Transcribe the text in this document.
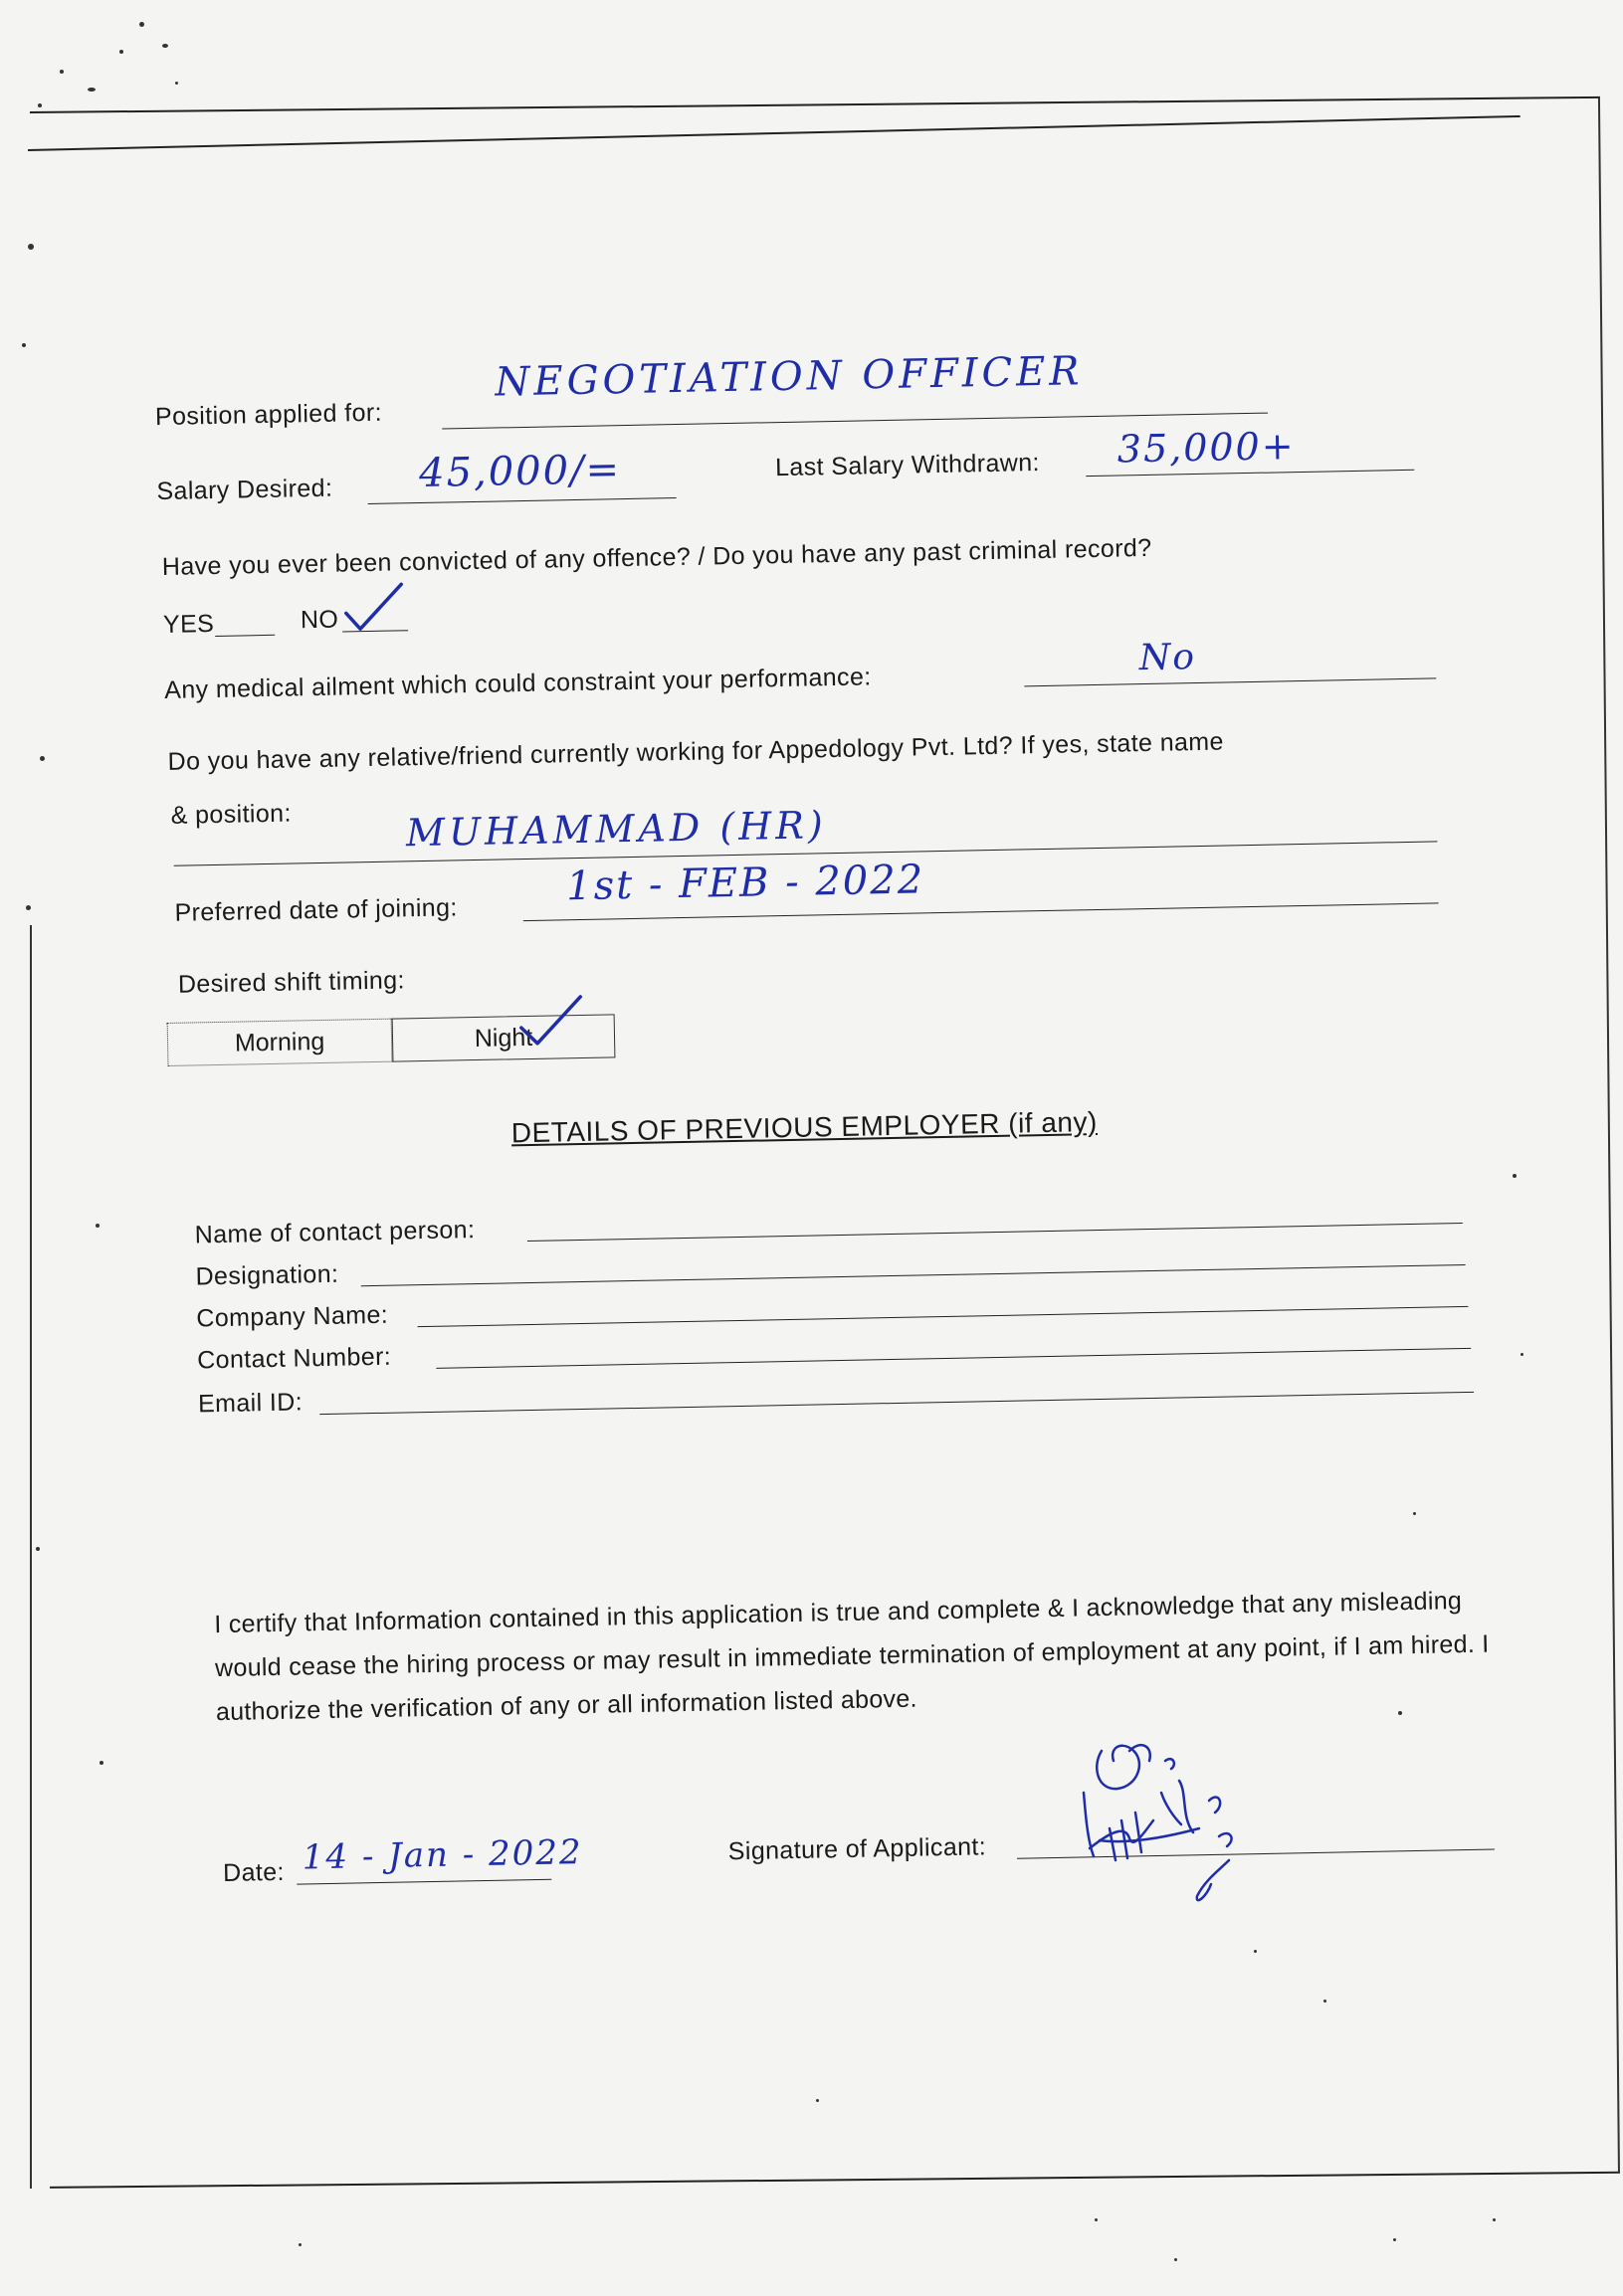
Position applied for:
NEGOTIATION OFFICER
Salary Desired: 45,000/=	Last Salary Withdrawn: 35,000+
Have you ever been convicted of any offence? / Do you have any past criminal record?
YES	NO
Any medical ailment which could constraint your performance:
No
Do you have any relative/friend currently working for Appedology Pvt. Ltd? If yes, state name
& position:	MUHAMMAD (HR)
Preferred date of joining:
1st - FEB - 2022
Desired shift timing:
Morning	Night
DETAILS OF PREVIOUS EMPLOYER (if any)
Name of contact person:
Designation:
Company Name:
Contact Number:
Email ID:
I certify that Information contained in this application is true and complete & I acknowledge that any misleading would cease the hiring process or may result in immediate termination of employment at any point, if I am hired. I authorize the verification of any or all information listed above.
Date: 14 - Jan - 2022	Signature of Applicant:
